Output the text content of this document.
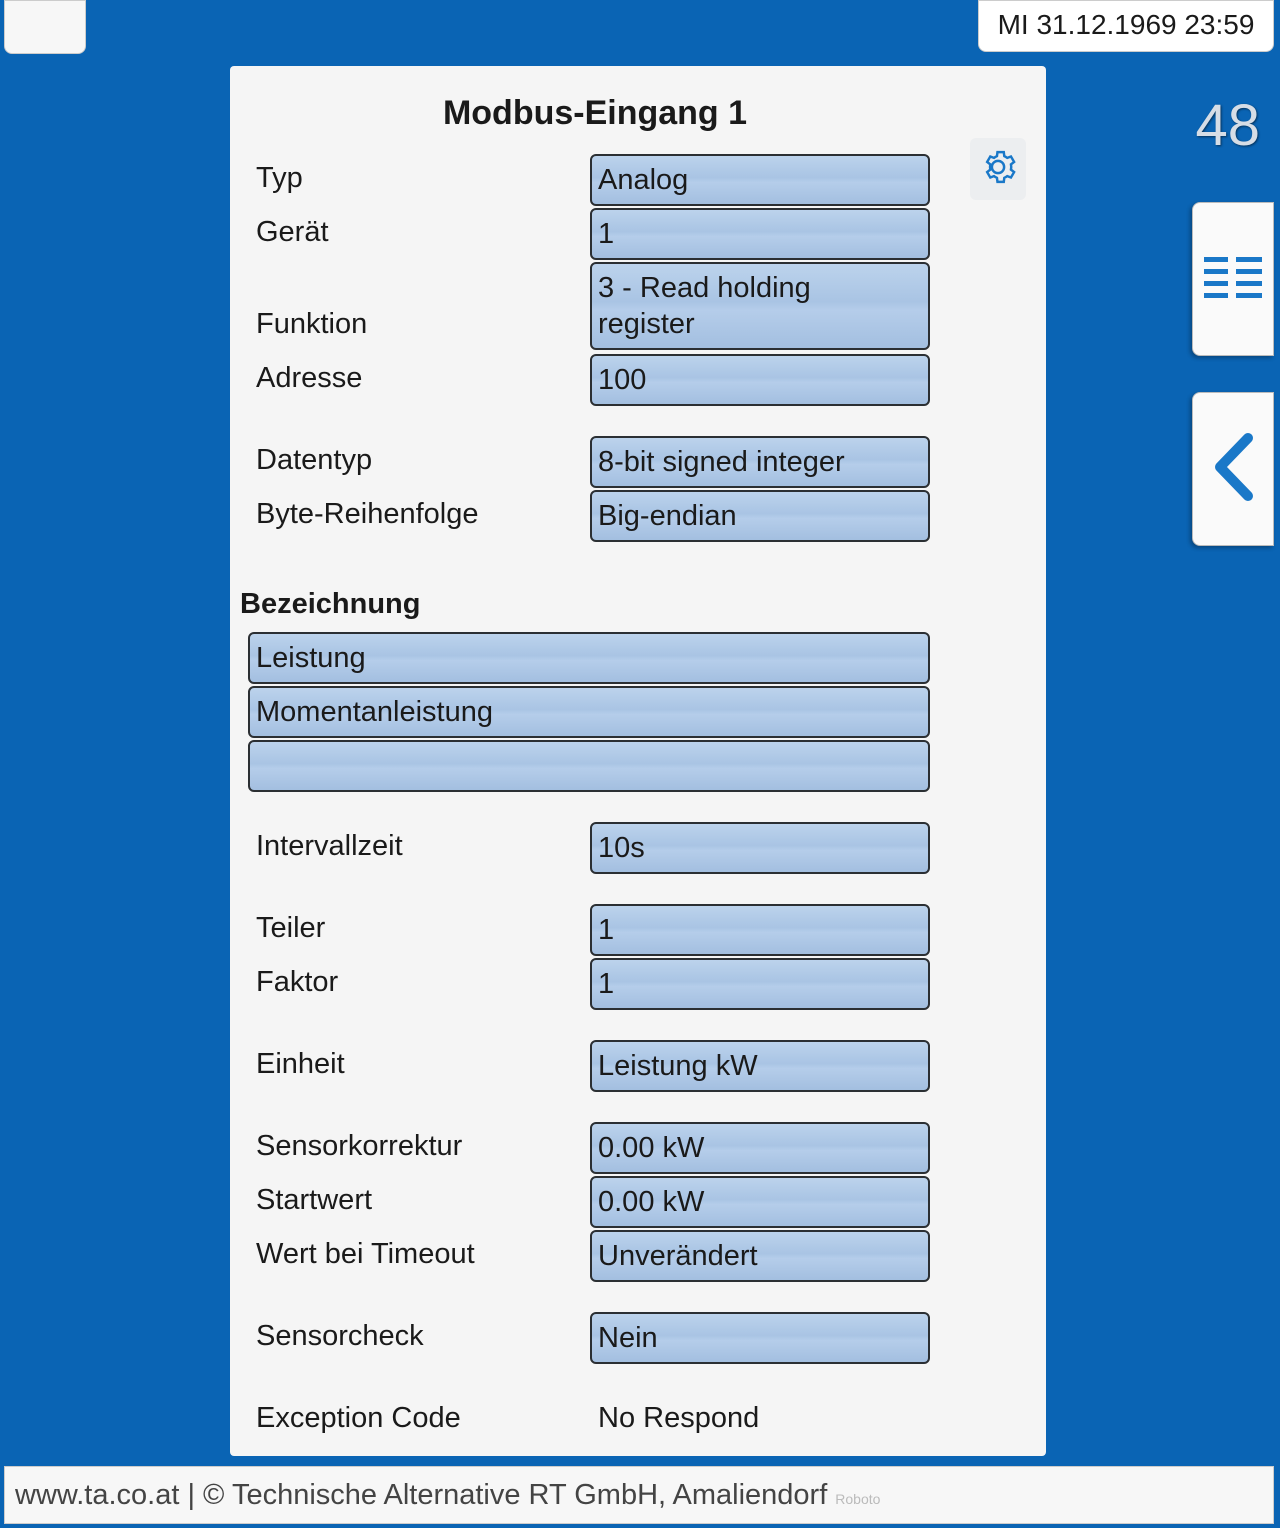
MI 31.12.1969 23:59
48
Modbus-Eingang 1
Typ	Analog
Gerät	1
Funktion
3 - Read holding register
Adresse	100
Datentyp	8-bit signed integer
Byte-Reihenfolge	Big-endian
Bezeichnung
Leistung
Momentanleistung
Intervallzeit	10s
Teiler	1
Faktor	1
Einheit	Leistung kW
Sensorkorrektur	0.00 kW
Startwert	0.00 kW
Wert bei Timeout	Unverändert
Sensorcheck	Nein
Exception Code	No Respond
www.ta.co.at | © Technische Alternative RT GmbH, Amaliendorf Roboto
